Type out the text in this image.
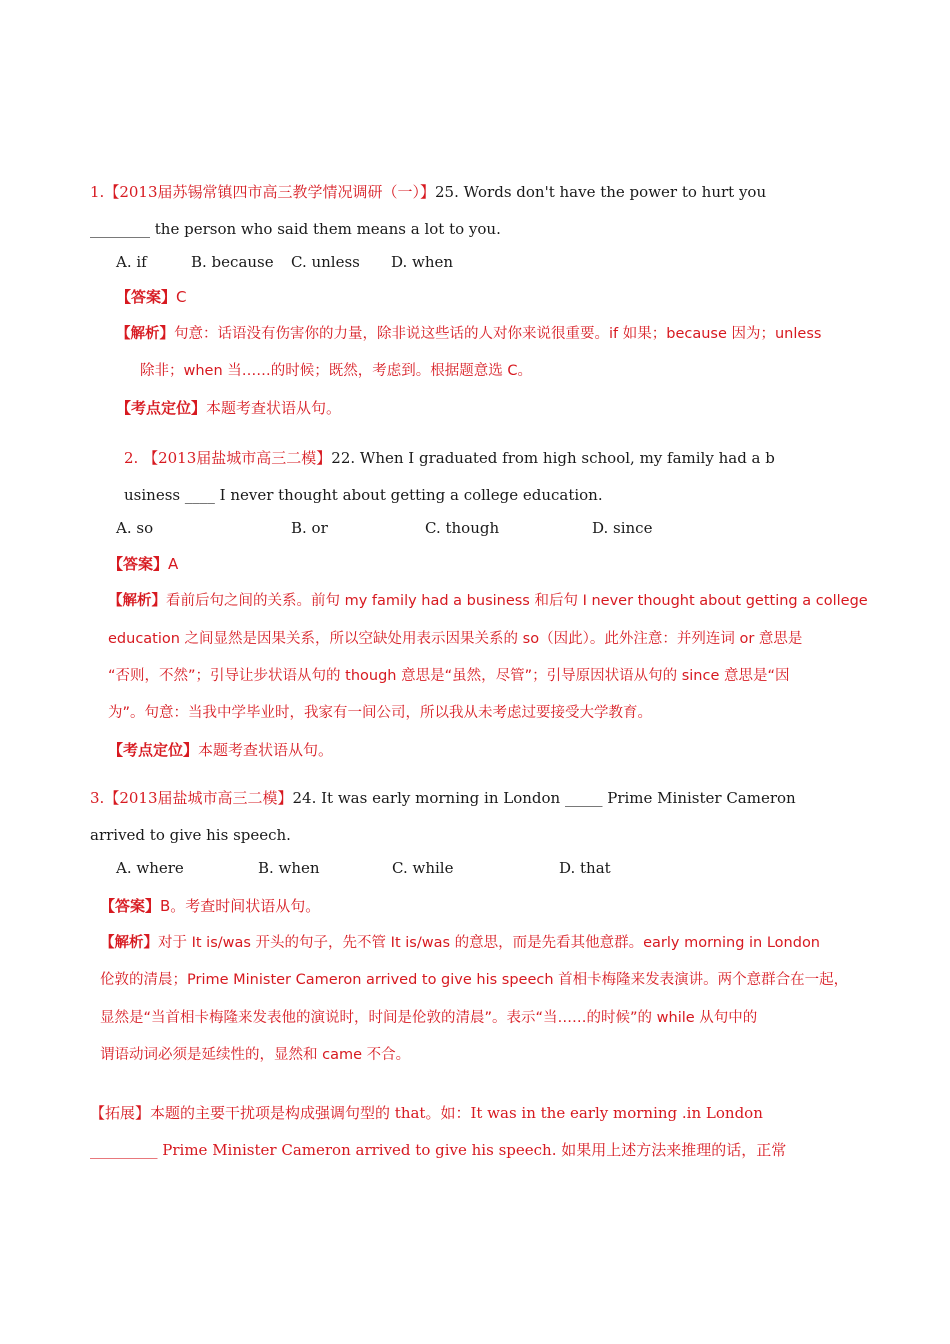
1.【2013届苏锡常镇四市高三教学情况调研（一）】25. Words don't have the power to hurt you
________ the person who said them means a lot to you.
A. if	B. because C. unless D. when
【答案】C
【解析】句意：话语没有伤害你的力量，除非说这些话的人对你来说很重要。if 如果；because 因为；unless
除非；when 当……的时候；既然，考虑到。根据题意选 C。
【考点定位】本题考查状语从句。
2. 【2013届盐城市高三二模】22. When I graduated from high school, my family had a b
usiness ____ I never thought about getting a college education.
A. so	B. or	C. though	D. since
【答案】A
【解析】看前后句之间的关系。前句 my family had a business 和后句 I never thought about getting a college
education 之间显然是因果关系，所以空缺处用表示因果关系的 so（因此）。此外注意：并列连词 or 意思是
“否则，不然”；引导让步状语从句的 though 意思是“虽然，尽管”；引导原因状语从句的 since 意思是“因
为”。句意：当我中学毕业时，我家有一间公司，所以我从未考虑过要接受大学教育。
【考点定位】本题考查状语从句。
3.【2013届盐城市高三二模】24. It was early morning in London _____ Prime Minister Cameron
arrived to give his speech.
A. where	B. when	C. while	D. that
【答案】B。考查时间状语从句。
【解析】对于 It is/was 开头的句子，先不管 It is/was 的意思，而是先看其他意群。early morning in London
伦敦的清晨；Prime Minister Cameron arrived to give his speech 首相卡梅隆来发表演讲。两个意群合在一起，
显然是“当首相卡梅隆来发表他的演说时，时间是伦敦的清晨”。表示“当……的时候”的 while 从句中的
谓语动词必须是延续性的，显然和 came 不合。
【拓展】本题的主要干扰项是构成强调句型的 that。如：It was in the early morning .in London
_________ Prime Minister Cameron arrived to give his speech. 如果用上述方法来推理的话，正常
